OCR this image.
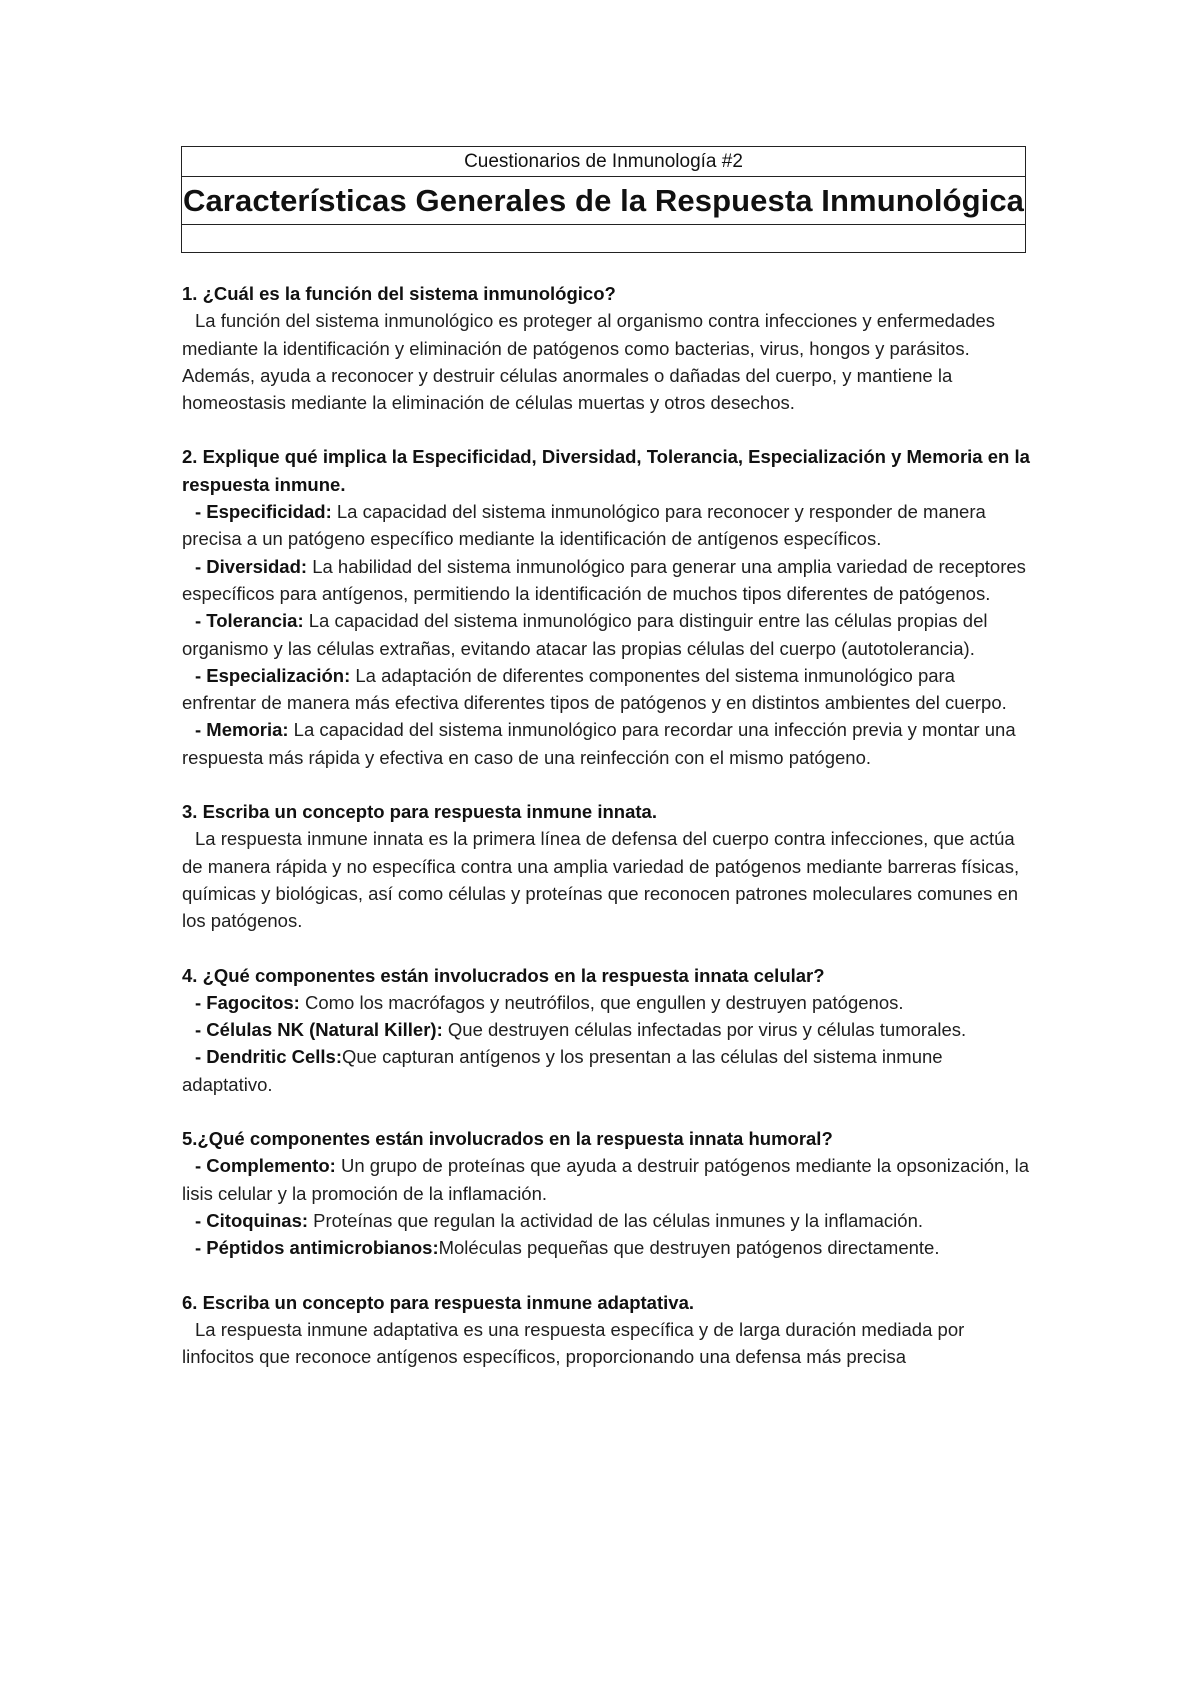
Cuestionarios de Inmunología #2
Características Generales de la Respuesta Inmunológica
1. ¿Cuál es la función del sistema inmunológico?

La función del sistema inmunológico es proteger al organismo contra infecciones y enfermedades mediante la identificación y eliminación de patógenos como bacterias, virus, hongos y parásitos. Además, ayuda a reconocer y destruir células anormales o dañadas del cuerpo, y mantiene la homeostasis mediante la eliminación de células muertas y otros desechos.

2. Explique qué implica la Especificidad, Diversidad, Tolerancia, Especialización y Memoria en la respuesta inmune.

- Especificidad: La capacidad del sistema inmunológico para reconocer y responder de manera precisa a un patógeno específico mediante la identificación de antígenos específicos.

- Diversidad: La habilidad del sistema inmunológico para generar una amplia variedad de receptores específicos para antígenos, permitiendo la identificación de muchos tipos diferentes de patógenos.

- Tolerancia: La capacidad del sistema inmunológico para distinguir entre las células propias del organismo y las células extrañas, evitando atacar las propias células del cuerpo (autotolerancia).

- Especialización: La adaptación de diferentes componentes del sistema inmunológico para enfrentar de manera más efectiva diferentes tipos de patógenos y en distintos ambientes del cuerpo.

- Memoria: La capacidad del sistema inmunológico para recordar una infección previa y montar una respuesta más rápida y efectiva en caso de una reinfección con el mismo patógeno.

3. Escriba un concepto para respuesta inmune innata.

La respuesta inmune innata es la primera línea de defensa del cuerpo contra infecciones, que actúa de manera rápida y no específica contra una amplia variedad de patógenos mediante barreras físicas, químicas y biológicas, así como células y proteínas que reconocen patrones moleculares comunes en los patógenos.

4. ¿Qué componentes están involucrados en la respuesta innata celular?

- Fagocitos: Como los macrófagos y neutrófilos, que engullen y destruyen patógenos.

- Células NK (Natural Killer): Que destruyen células infectadas por virus y células tumorales.

- Dendritic Cells:Que capturan antígenos y los presentan a las células del sistema inmune adaptativo.

5.¿Qué componentes están involucrados en la respuesta innata humoral?

- Complemento: Un grupo de proteínas que ayuda a destruir patógenos mediante la opsonización, la lisis celular y la promoción de la inflamación.

- Citoquinas: Proteínas que regulan la actividad de las células inmunes y la inflamación.

- Péptidos antimicrobianos:Moléculas pequeñas que destruyen patógenos directamente.

6. Escriba un concepto para respuesta inmune adaptativa.

La respuesta inmune adaptativa es una respuesta específica y de larga duración mediada por linfocitos que reconoce antígenos específicos, proporcionando una defensa más precisa
